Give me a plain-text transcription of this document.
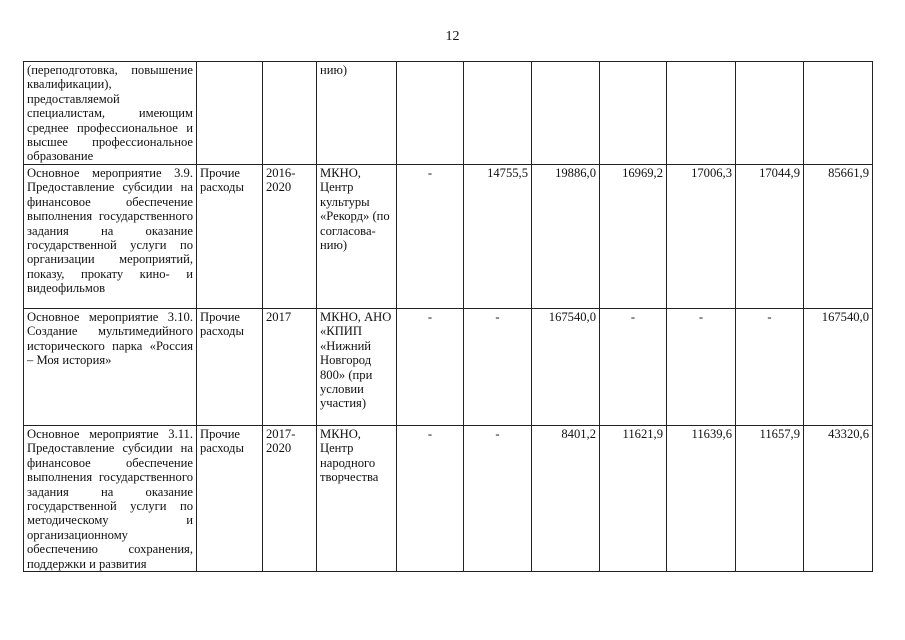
12
(переподготовка, повышение квалификации), предоставляемой специалистам, имеющим среднее профессиональное и высшее профессиональное образование			нию)							
Основное мероприятие 3.9. Предоставление субсидии на финансовое обеспечение выполнения государственного задания на оказание государственной услуги по организации мероприятий, показу, прокату кино- и видеофильмов	Прочие расходы	2016-2020	МКНО, Центр культуры «Рекорд» (по согласова-нию)	-	14755,5	19886,0	16969,2	17006,3	17044,9	85661,9
Основное мероприятие 3.10. Создание мультимедийного исторического парка «Россия – Моя история»	Прочие расходы	2017	МКНО, АНО «КПИП «Нижний Новгород 800» (при условии участия)	-	-	167540,0	-	-	-	167540,0
Основное мероприятие 3.11. Предоставление субсидии на финансовое обеспечение выполнения государственного задания на оказание государственной услуги по методическому и организационному обеспечению сохранения, поддержки и развития	Прочие расходы	2017-2020	МКНО, Центр народного творчества	-	-	8401,2	11621,9	11639,6	11657,9	43320,6
